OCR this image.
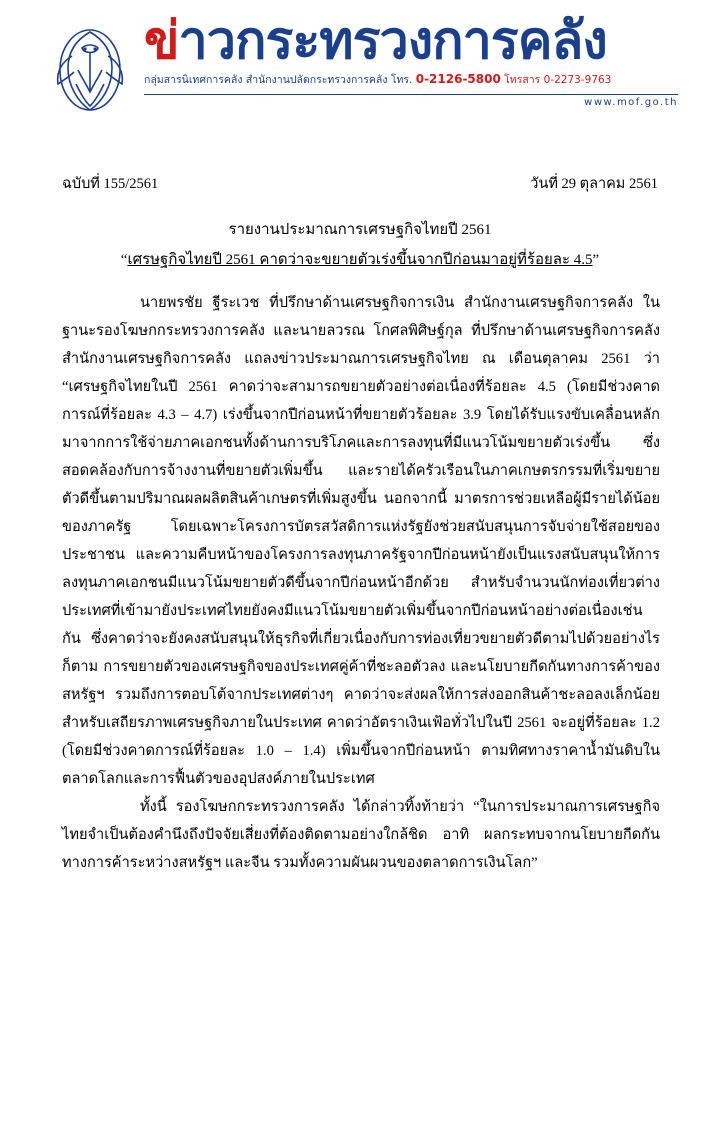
ข่าวกระทรวงการคลัง
กลุ่มสารนิเทศการคลัง สำนักงานปลัดกระทรวงการคลัง โทร. 0-2126-5800 โทรสาร 0-2273-9763
www.mof.go.th
ฉบับที่ 155/2561	วันที่ 29 ตุลาคม 2561
รายงานประมาณการเศรษฐกิจไทยปี 2561
“เศรษฐกิจไทยปี 2561 คาดว่าจะขยายตัวเร่งขึ้นจากปีก่อนมาอยู่ที่ร้อยละ 4.5”

นายพรชัย ฐีระเวช ที่ปรึกษาด้านเศรษฐกิจการเงิน สำนักงานเศรษฐกิจการคลัง ในฐานะรองโฆษกกระทรวงการคลัง และนายลวรณ โกศลพิศิษฐ์กุล ที่ปรึกษาด้านเศรษฐกิจการคลัง สำนักงานเศรษฐกิจการคลัง แถลงข่าวประมาณการเศรษฐกิจไทย ณ เดือนตุลาคม 2561 ว่า “เศรษฐกิจไทยในปี 2561 คาดว่าจะสามารถขยายตัวอย่างต่อเนื่องที่ร้อยละ 4.5 (โดยมีช่วงคาดการณ์ที่ร้อยละ 4.3 – 4.7) เร่งขึ้นจากปีก่อนหน้าที่ขยายตัวร้อยละ 3.9 โดยได้รับแรงขับเคลื่อนหลักมาจากการใช้จ่ายภาคเอกชนทั้งด้านการบริโภคและการลงทุนที่มีแนวโน้มขยายตัวเร่งขึ้น ซึ่งสอดคล้องกับการจ้างงานที่ขยายตัวเพิ่มขึ้น และรายได้ครัวเรือนในภาคเกษตรกรรมที่เริ่มขยายตัวดีขึ้นตามปริมาณผลผลิตสินค้าเกษตรที่เพิ่มสูงขึ้น นอกจากนี้ มาตรการช่วยเหลือผู้มีรายได้น้อยของภาครัฐ โดยเฉพาะโครงการบัตรสวัสดิการแห่งรัฐยังช่วยสนับสนุนการจับจ่ายใช้สอยของประชาชน และความคืบหน้าของโครงการลงทุนภาครัฐจากปีก่อนหน้ายังเป็นแรงสนับสนุนให้การลงทุนภาคเอกชนมีแนวโน้มขยายตัวดีขึ้นจากปีก่อนหน้าอีกด้วย สำหรับจำนวนนักท่องเที่ยวต่างประเทศที่เข้ามายังประเทศไทยยังคงมีแนวโน้มขยายตัวเพิ่มขึ้นจากปีก่อนหน้าอย่างต่อเนื่องเช่นกัน ซึ่งคาดว่าจะยังคงสนับสนุนให้ธุรกิจที่เกี่ยวเนื่องกับการท่องเที่ยวขยายตัวดีตามไปด้วยอย่างไรก็ตาม การขยายตัวของเศรษฐกิจของประเทศคู่ค้าที่ชะลอตัวลง และนโยบายกีดกันทางการค้าของสหรัฐฯ รวมถึงการตอบโต้จากประเทศต่างๆ คาดว่าจะส่งผลให้การส่งออกสินค้าชะลอลงเล็กน้อย สำหรับเสถียรภาพเศรษฐกิจภายในประเทศ คาดว่าอัตราเงินเฟ้อทั่วไปในปี 2561 จะอยู่ที่ร้อยละ 1.2 (โดยมีช่วงคาดการณ์ที่ร้อยละ 1.0 – 1.4) เพิ่มขึ้นจากปีก่อนหน้า ตามทิศทางราคาน้ำมันดิบในตลาดโลกและการฟื้นตัวของอุปสงค์ภายในประเทศ

ทั้งนี้ รองโฆษกกระทรวงการคลัง ได้กล่าวทิ้งท้ายว่า “ในการประมาณการเศรษฐกิจไทยจำเป็นต้องคำนึงถึงปัจจัยเสี่ยงที่ต้องติดตามอย่างใกล้ชิด อาทิ ผลกระทบจากนโยบายกีดกันทางการค้าระหว่างสหรัฐฯ และจีน รวมทั้งความผันผวนของตลาดการเงินโลก”
